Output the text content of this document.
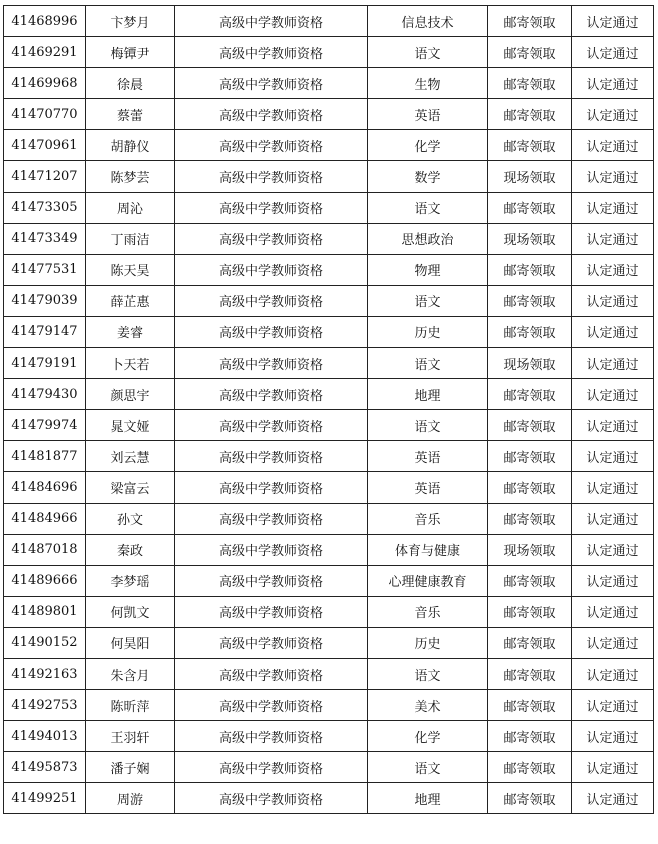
41468996	卞梦月	高级中学教师资格	信息技术	邮寄领取	认定通过
41469291	梅镡尹	高级中学教师资格	语文	邮寄领取	认定通过
41469968	徐晨	高级中学教师资格	生物	邮寄领取	认定通过
41470770	蔡蕾	高级中学教师资格	英语	邮寄领取	认定通过
41470961	胡静仪	高级中学教师资格	化学	邮寄领取	认定通过
41471207	陈梦芸	高级中学教师资格	数学	现场领取	认定通过
41473305	周沁	高级中学教师资格	语文	邮寄领取	认定通过
41473349	丁雨洁	高级中学教师资格	思想政治	现场领取	认定通过
41477531	陈天昊	高级中学教师资格	物理	邮寄领取	认定通过
41479039	薛芷惠	高级中学教师资格	语文	邮寄领取	认定通过
41479147	姜睿	高级中学教师资格	历史	邮寄领取	认定通过
41479191	卜天若	高级中学教师资格	语文	现场领取	认定通过
41479430	颜思宇	高级中学教师资格	地理	邮寄领取	认定通过
41479974	晁文娅	高级中学教师资格	语文	邮寄领取	认定通过
41481877	刘云慧	高级中学教师资格	英语	邮寄领取	认定通过
41484696	梁富云	高级中学教师资格	英语	邮寄领取	认定通过
41484966	孙文	高级中学教师资格	音乐	邮寄领取	认定通过
41487018	秦政	高级中学教师资格	体育与健康	现场领取	认定通过
41489666	李梦瑶	高级中学教师资格	心理健康教育	邮寄领取	认定通过
41489801	何凯文	高级中学教师资格	音乐	邮寄领取	认定通过
41490152	何昊阳	高级中学教师资格	历史	邮寄领取	认定通过
41492163	朱含月	高级中学教师资格	语文	邮寄领取	认定通过
41492753	陈昕萍	高级中学教师资格	美术	邮寄领取	认定通过
41494013	王羽轩	高级中学教师资格	化学	邮寄领取	认定通过
41495873	潘子娴	高级中学教师资格	语文	邮寄领取	认定通过
41499251	周游	高级中学教师资格	地理	邮寄领取	认定通过
